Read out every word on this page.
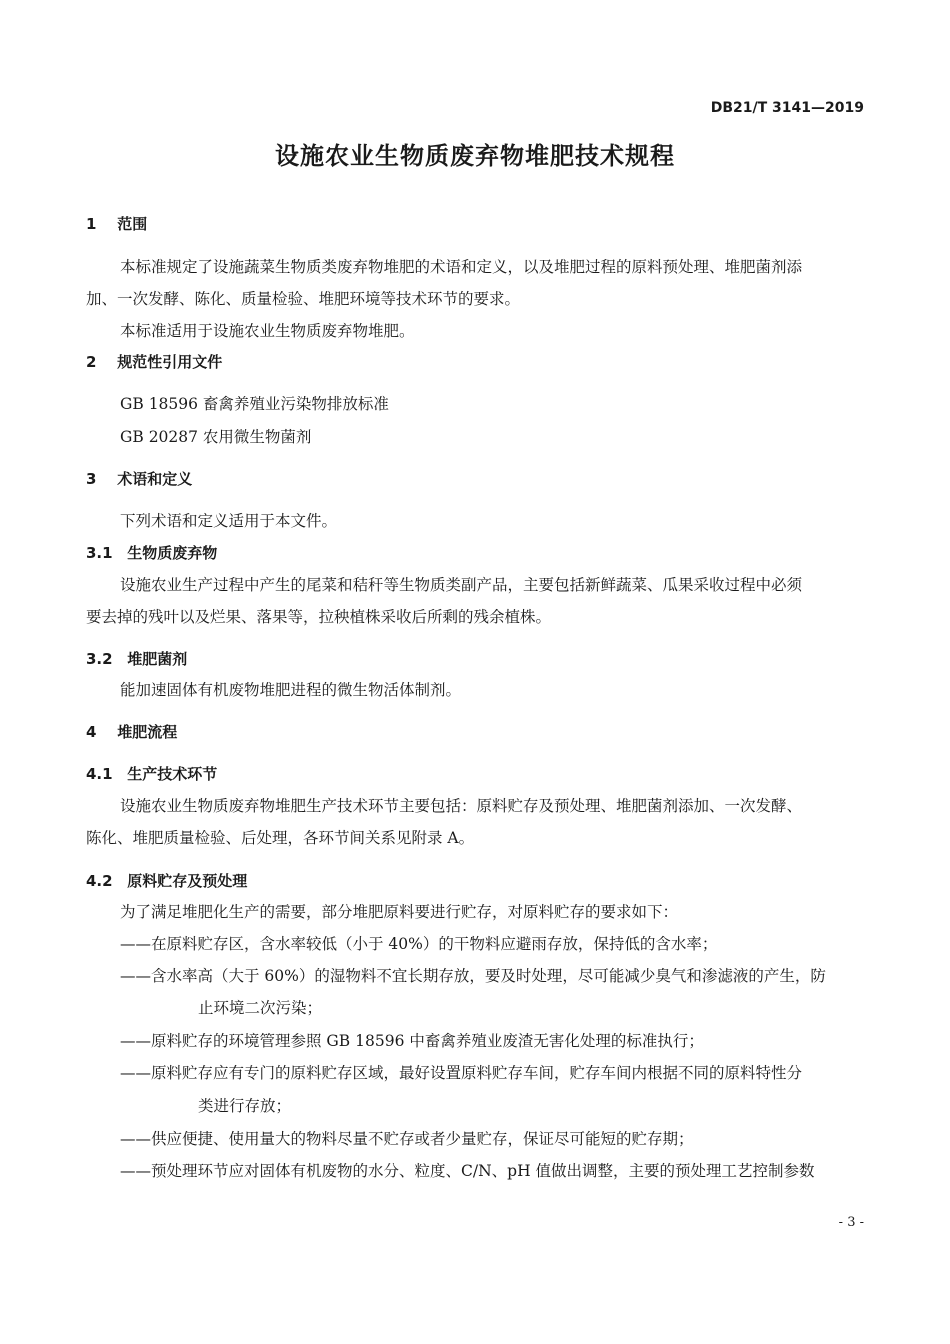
DB21/T 3141—2019
设施农业生物质废弃物堆肥技术规程
1 范围
本标准规定了设施蔬菜生物质类废弃物堆肥的术语和定义，以及堆肥过程的原料预处理、堆肥菌剂添
加、一次发酵、陈化、质量检验、堆肥环境等技术环节的要求。
本标准适用于设施农业生物质废弃物堆肥。
2 规范性引用文件
GB 18596 畜禽养殖业污染物排放标准
GB 20287 农用微生物菌剂
3 术语和定义
下列术语和定义适用于本文件。
3.1 生物质废弃物
设施农业生产过程中产生的尾菜和秸秆等生物质类副产品，主要包括新鲜蔬菜、瓜果采收过程中必须
要去掉的残叶以及烂果、落果等，拉秧植株采收后所剩的残余植株。
3.2 堆肥菌剂
能加速固体有机废物堆肥进程的微生物活体制剂。
4 堆肥流程
4.1 生产技术环节
设施农业生物质废弃物堆肥生产技术环节主要包括：原料贮存及预处理、堆肥菌剂添加、一次发酵、
陈化、堆肥质量检验、后处理，各环节间关系见附录 A。
4.2 原料贮存及预处理
为了满足堆肥化生产的需要，部分堆肥原料要进行贮存，对原料贮存的要求如下：
——在原料贮存区，含水率较低（小于 40%）的干物料应避雨存放，保持低的含水率；
——含水率高（大于 60%）的湿物料不宜长期存放，要及时处理，尽可能减少臭气和渗滤液的产生，防
止环境二次污染；
——原料贮存的环境管理参照 GB 18596 中畜禽养殖业废渣无害化处理的标准执行；
——原料贮存应有专门的原料贮存区域，最好设置原料贮存车间，贮存车间内根据不同的原料特性分
类进行存放；
——供应便捷、使用量大的物料尽量不贮存或者少量贮存，保证尽可能短的贮存期；
——预处理环节应对固体有机废物的水分、粒度、C/N、pH 值做出调整，主要的预处理工艺控制参数
- 3 -
